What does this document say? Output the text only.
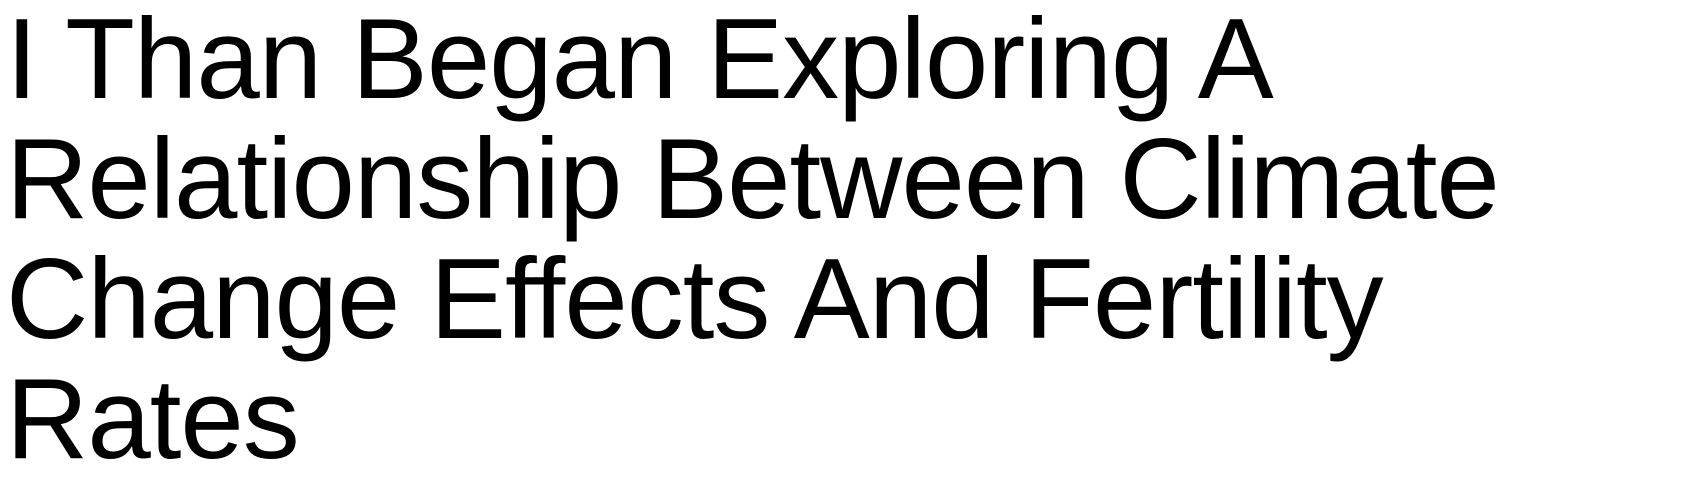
I Than Began Exploring A
Relationship Between Climate
Change Effects And Fertility
Rates
